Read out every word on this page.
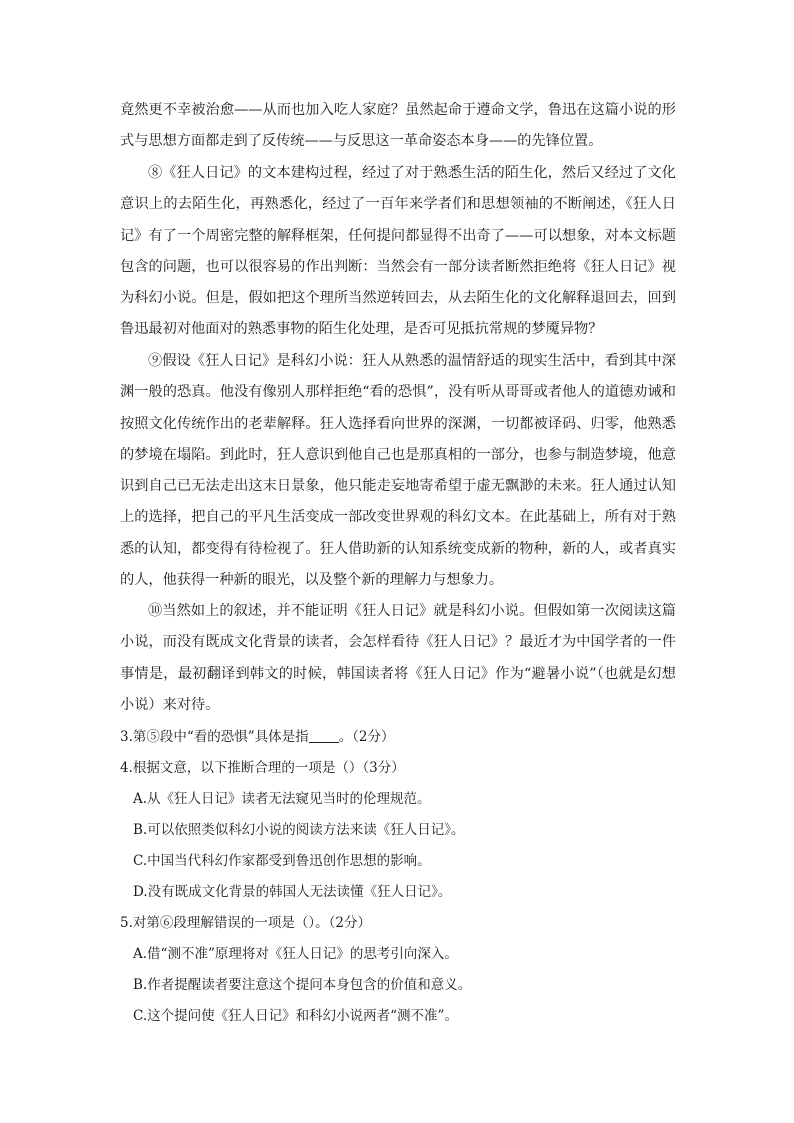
竟然更不幸被治愈——从而也加入吃人家庭？虽然起命于遵命文学，鲁迅在这篇小说的形式与思想方面都走到了反传统——与反思这一革命姿态本身——的先锋位置。

⑧《狂人日记》的文本建构过程，经过了对于熟悉生活的陌生化，然后又经过了文化意识上的去陌生化，再熟悉化，经过了一百年来学者们和思想领袖的不断阐述，《狂人日记》有了一个周密完整的解释框架，任何提问都显得不出奇了——可以想象，对本文标题包含的问题，也可以很容易的作出判断：当然会有一部分读者断然拒绝将《狂人日记》视为科幻小说。但是，假如把这个理所当然逆转回去，从去陌生化的文化解释退回去，回到鲁迅最初对他面对的熟悉事物的陌生化处理，是否可见抵抗常规的梦魇异物？

⑨假设《狂人日记》是科幻小说：狂人从熟悉的温情舒适的现实生活中，看到其中深渊一般的恐真。他没有像别人那样拒绝“看的恐惧”，没有听从哥哥或者他人的道德劝诫和按照文化传统作出的老辈解释。狂人选择看向世界的深渊，一切都被译码、归零，他熟悉的梦境在塌陷。到此时，狂人意识到他自己也是那真相的一部分，也参与制造梦境，他意识到自己已无法走出这末日景象，他只能走妄地寄希望于虚无飘渺的未来。狂人通过认知上的选择，把自己的平凡生活变成一部改变世界观的科幻文本。在此基础上，所有对于熟悉的认知，都变得有待检视了。狂人借助新的认知系统变成新的物种，新的人，或者真实的人，他获得一种新的眼光，以及整个新的理解力与想象力。

⑩当然如上的叙述，并不能证明《狂人日记》就是科幻小说。但假如第一次阅读这篇小说，而没有既成文化背景的读者，会怎样看待《狂人日记》？最近才为中国学者的一件事情是，最初翻译到韩文的时候，韩国读者将《狂人日记》作为“避暑小说”（也就是幻想小说）来对待。

3.第⑤段中“看的恐惧”具体是指 。（2分）
4.根据文意，以下推断合理的一项是（）（3分）
A.从《狂人日记》读者无法窥见当时的伦理规范。
B.可以依照类似科幻小说的阅读方法来读《狂人日记》。
C.中国当代科幻作家都受到鲁迅创作思想的影响。
D.没有既成文化背景的韩国人无法读懂《狂人日记》。
5.对第⑥段理解错误的一项是（）。（2分）
A.借“测不准”原理将对《狂人日记》的思考引向深入。
B.作者提醒读者要注意这个提问本身包含的价值和意义。
C.这个提问使《狂人日记》和科幻小说两者“测不准”。
